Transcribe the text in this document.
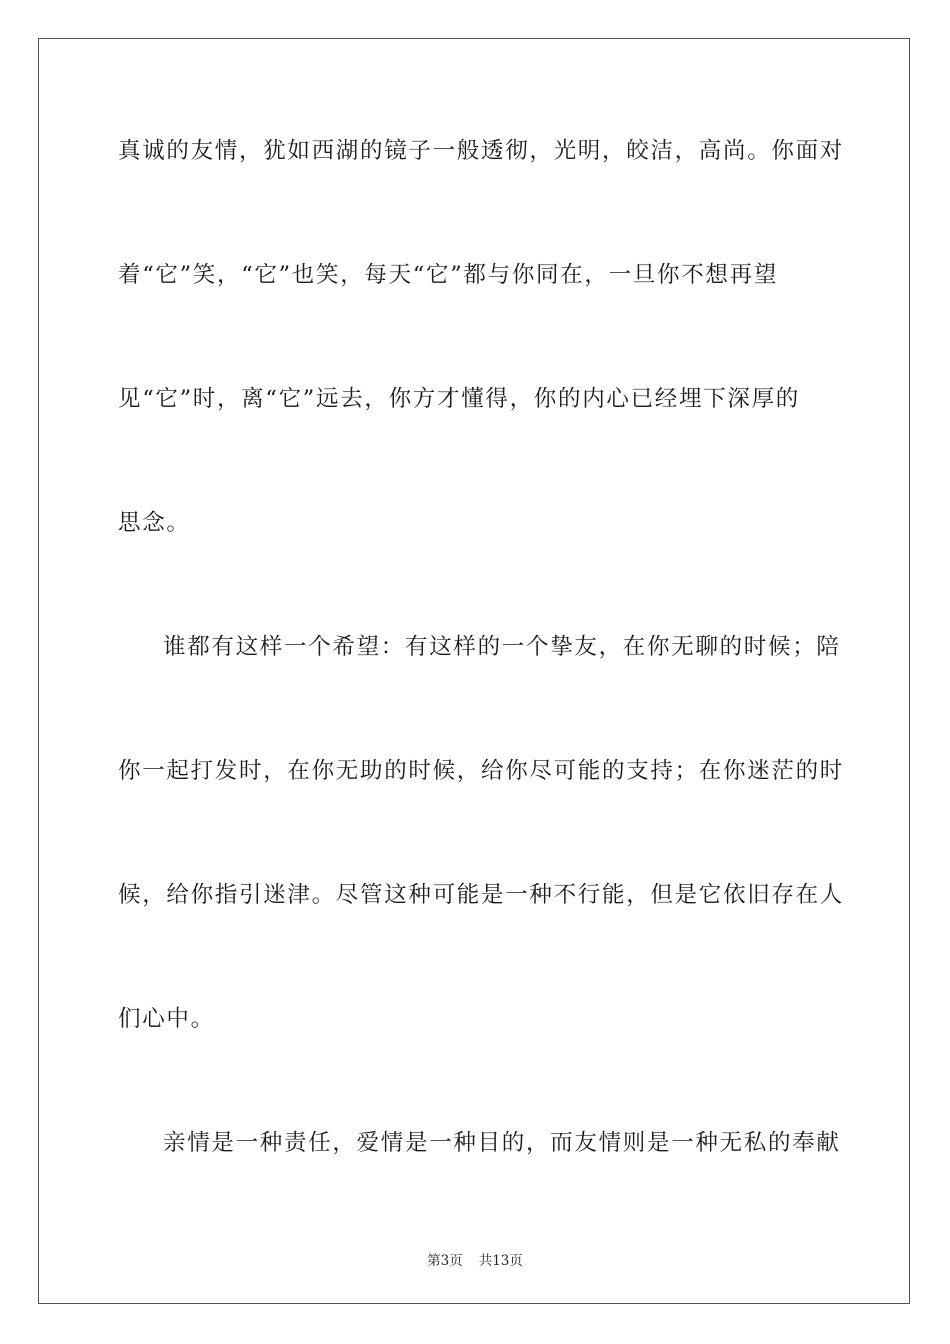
真诚的友情，犹如西湖的镜子一般透彻，光明，皎洁，高尚。你面对
着“它”笑，“它”也笑，每天“它”都与你同在，一旦你不想再望
见“它”时，离“它”远去，你方才懂得，你的内心已经埋下深厚的
思念。
谁都有这样一个希望：有这样的一个挚友，在你无聊的时候；陪
你一起打发时，在你无助的时候，给你尽可能的支持；在你迷茫的时
候，给你指引迷津。尽管这种可能是一种不行能，但是它依旧存在人
们心中。
亲情是一种责任，爱情是一种目的，而友情则是一种无私的奉献
第3页 共13页
